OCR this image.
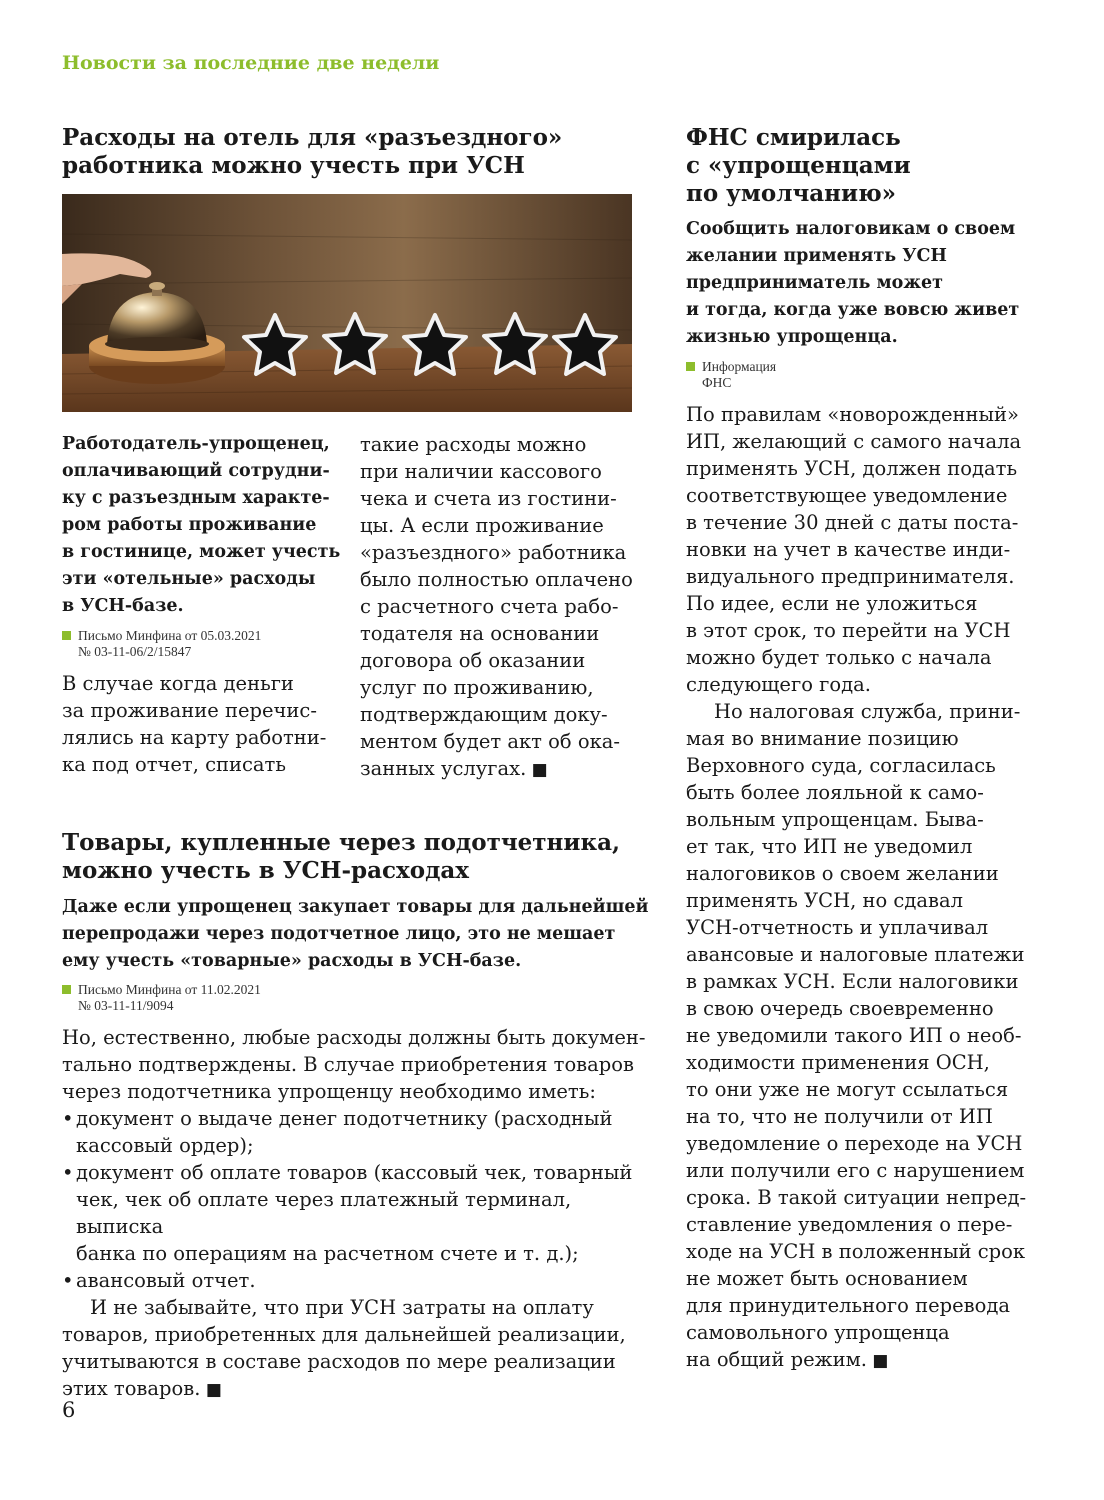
Новости за последние две недели
Расходы на отель для «разъездного»
работника можно учесть при УСН
Работодатель-упрощенец,
оплачивающий сотрудни-
ку с разъездным характе-
ром работы проживание
в гостинице, может учесть
эти «отельные» расходы
в УСН-базе.
Письмо Минфина от 05.03.2021
№ 03-11-06/2/15847
В случае когда деньги
за проживание перечис-
лялись на карту работни-
ка под отчет, списать
такие расходы можно
при наличии кассового
чека и счета из гостини-
цы. А если проживание
«разъездного» работника
было полностью оплачено
с расчетного счета рабо-
тодателя на основании
договора об оказании
услуг по проживанию,
подтверждающим доку-
ментом будет акт об ока-
занных услугах. ■
Товары, купленные через подотчетника,
можно учесть в УСН-расходах
Даже если упрощенец закупает товары для дальнейшей
перепродажи через подотчетное лицо, это не мешает
ему учесть «товарные» расходы в УСН-базе.
Письмо Минфина от 11.02.2021
№ 03-11-11/9094
Но, естественно, любые расходы должны быть докумен-
тально подтверждены. В случае приобретения товаров
через подотчетника упрощенцу необходимо иметь:
• документ о выдаче денег подотчетнику (расходный
кассовый ордер);
• документ об оплате товаров (кассовый чек, товарный
чек, чек об оплате через платежный терминал, выписка
банка по операциям на расчетном счете и т. д.);
• авансовый отчет.
И не забывайте, что при УСН затраты на оплату
товаров, приобретенных для дальнейшей реализации,
учитываются в составе расходов по мере реализации
этих товаров. ■
ФНС смирилась
с «упрощенцами
по умолчанию»
Сообщить налоговикам о своем
желании применять УСН
предприниматель может
и тогда, когда уже вовсю живет
жизнью упрощенца.
Информация
ФНС
По правилам «новорожденный»
ИП, желающий с самого начала
применять УСН, должен подать
соответствующее уведомление
в течение 30 дней с даты поста-
новки на учет в качестве инди-
видуального предпринимателя.
По идее, если не уложиться
в этот срок, то перейти на УСН
можно будет только с начала
следующего года.
Но налоговая служба, прини-
мая во внимание позицию
Верховного суда, согласилась
быть более лояльной к само-
вольным упрощенцам. Быва-
ет так, что ИП не уведомил
налоговиков о своем желании
применять УСН, но сдавал
УСН-отчетность и уплачивал
авансовые и налоговые платежи
в рамках УСН. Если налоговики
в свою очередь своевременно
не уведомили такого ИП о необ-
ходимости применения ОСН,
то они уже не могут ссылаться
на то, что не получили от ИП
уведомление о переходе на УСН
или получили его с нарушением
срока. В такой ситуации непред-
ставление уведомления о пере-
ходе на УСН в положенный срок
не может быть основанием
для принудительного перевода
самовольного упрощенца
на общий режим. ■
6
